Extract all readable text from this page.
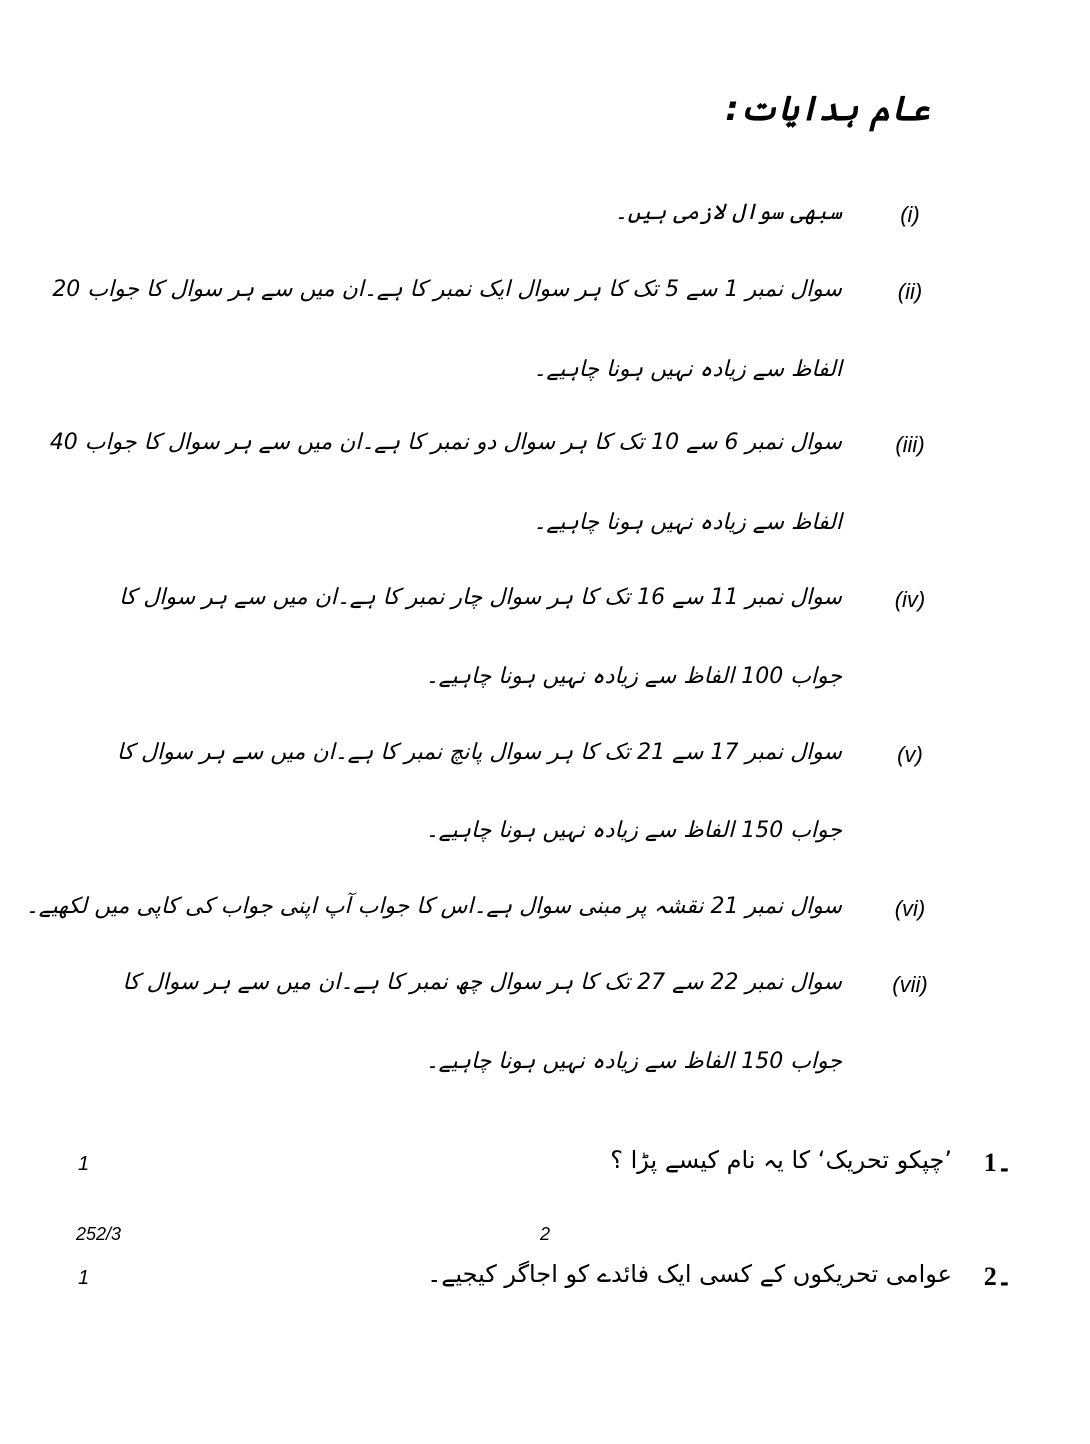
عام ہدایات:
(i)
سبھی سوال لازمی ہیں۔
(ii)
سوال نمبر 1 سے 5 تک کا ہر سوال ایک نمبر کا ہے۔ان میں سے ہر سوال کا جواب 20
الفاظ سے زیادہ نہیں ہونا چاہیے۔
(iii)
سوال نمبر 6 سے 10 تک کا ہر سوال دو نمبر کا ہے۔ان میں سے ہر سوال کا جواب 40
الفاظ سے زیادہ نہیں ہونا چاہیے۔
(iv)
سوال نمبر 11 سے 16 تک کا ہر سوال چار نمبر کا ہے۔ان میں سے ہر سوال کا
جواب 100 الفاظ سے زیادہ نہیں ہونا چاہیے۔
(v)
سوال نمبر 17 سے 21 تک کا ہر سوال پانچ نمبر کا ہے۔ان میں سے ہر سوال کا
جواب 150 الفاظ سے زیادہ نہیں ہونا چاہیے۔
(vi)
سوال نمبر 21 نقشہ پر مبنی سوال ہے۔اس کا جواب آپ اپنی جواب کی کاپی میں لکھیے۔
(vii)
سوال نمبر 22 سے 27 تک کا ہر سوال چھ نمبر کا ہے۔ان میں سے ہر سوال کا
جواب 150 الفاظ سے زیادہ نہیں ہونا چاہیے۔
1۔
’چپکو تحریک‘ کا یہ نام کیسے پڑا ؟
1
2۔
عوامی تحریکوں کے کسی ایک فائدے کو اجاگر کیجیے۔
1
252/3	2
